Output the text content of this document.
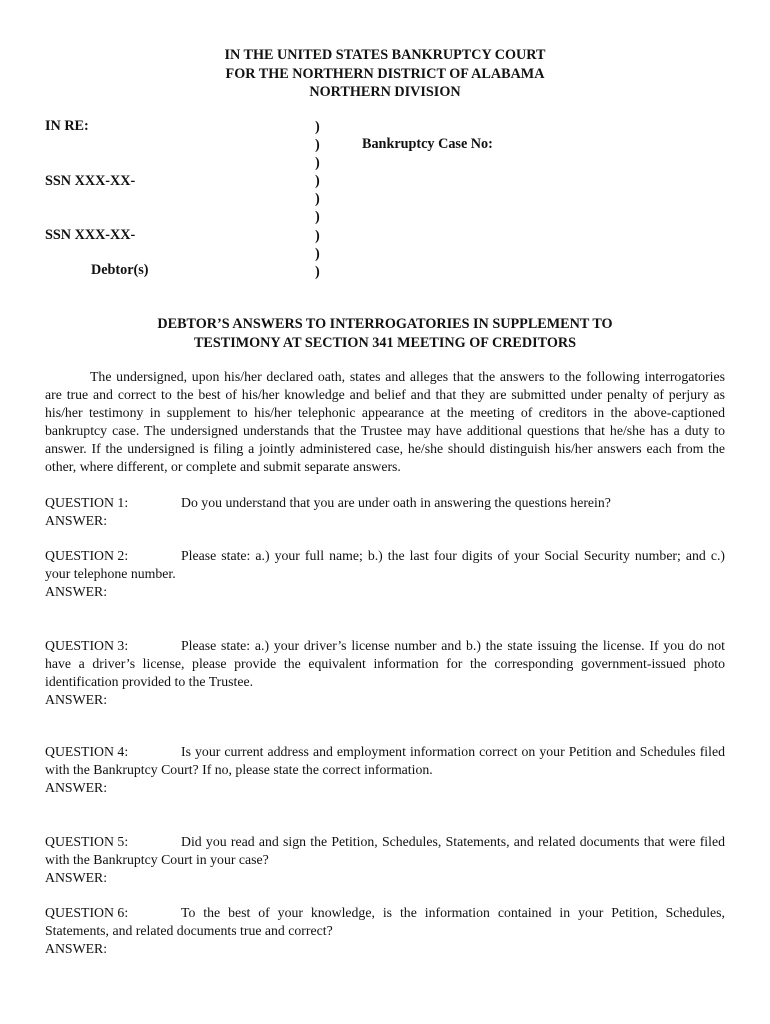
IN THE UNITED STATES BANKRUPTCY COURT
FOR THE NORTHERN DISTRICT OF ALABAMA
NORTHERN DIVISION
IN RE:
SSN XXX-XX-
SSN XXX-XX-
Debtor(s)
)
)
)
)
)
)
)
)
)
Bankruptcy Case No:
DEBTOR’S ANSWERS TO INTERROGATORIES IN SUPPLEMENT TO
TESTIMONY AT SECTION 341 MEETING OF CREDITORS

The undersigned, upon his/her declared oath, states and alleges that the answers to the following interrogatories are true and correct to the best of his/her knowledge and belief and that they are submitted under penalty of perjury as his/her testimony in supplement to his/her telephonic appearance at the meeting of creditors in the above-captioned bankruptcy case. The undersigned understands that the Trustee may have additional questions that he/she has a duty to answer. If the undersigned is filing a jointly administered case, he/she should distinguish his/her answers each from the other, where different, or complete and submit separate answers.

QUESTION 1:	Do you understand that you are under oath in answering the questions herein?

ANSWER:

QUESTION 2:	Please state: a.) your full name; b.) the last four digits of your Social Security number; and c.) your telephone number.

ANSWER:

QUESTION 3:	Please state: a.) your driver’s license number and b.) the state issuing the license. If you do not have a driver’s license, please provide the equivalent information for the corresponding government-issued photo identification provided to the Trustee.

ANSWER:

QUESTION 4:	Is your current address and employment information correct on your Petition and Schedules filed with the Bankruptcy Court? If no, please state the correct information.

ANSWER:

QUESTION 5:	Did you read and sign the Petition, Schedules, Statements, and related documents that were filed with the Bankruptcy Court in your case?

ANSWER:

QUESTION 6:	To the best of your knowledge, is the information contained in your Petition, Schedules, Statements, and related documents true and correct?

ANSWER:
